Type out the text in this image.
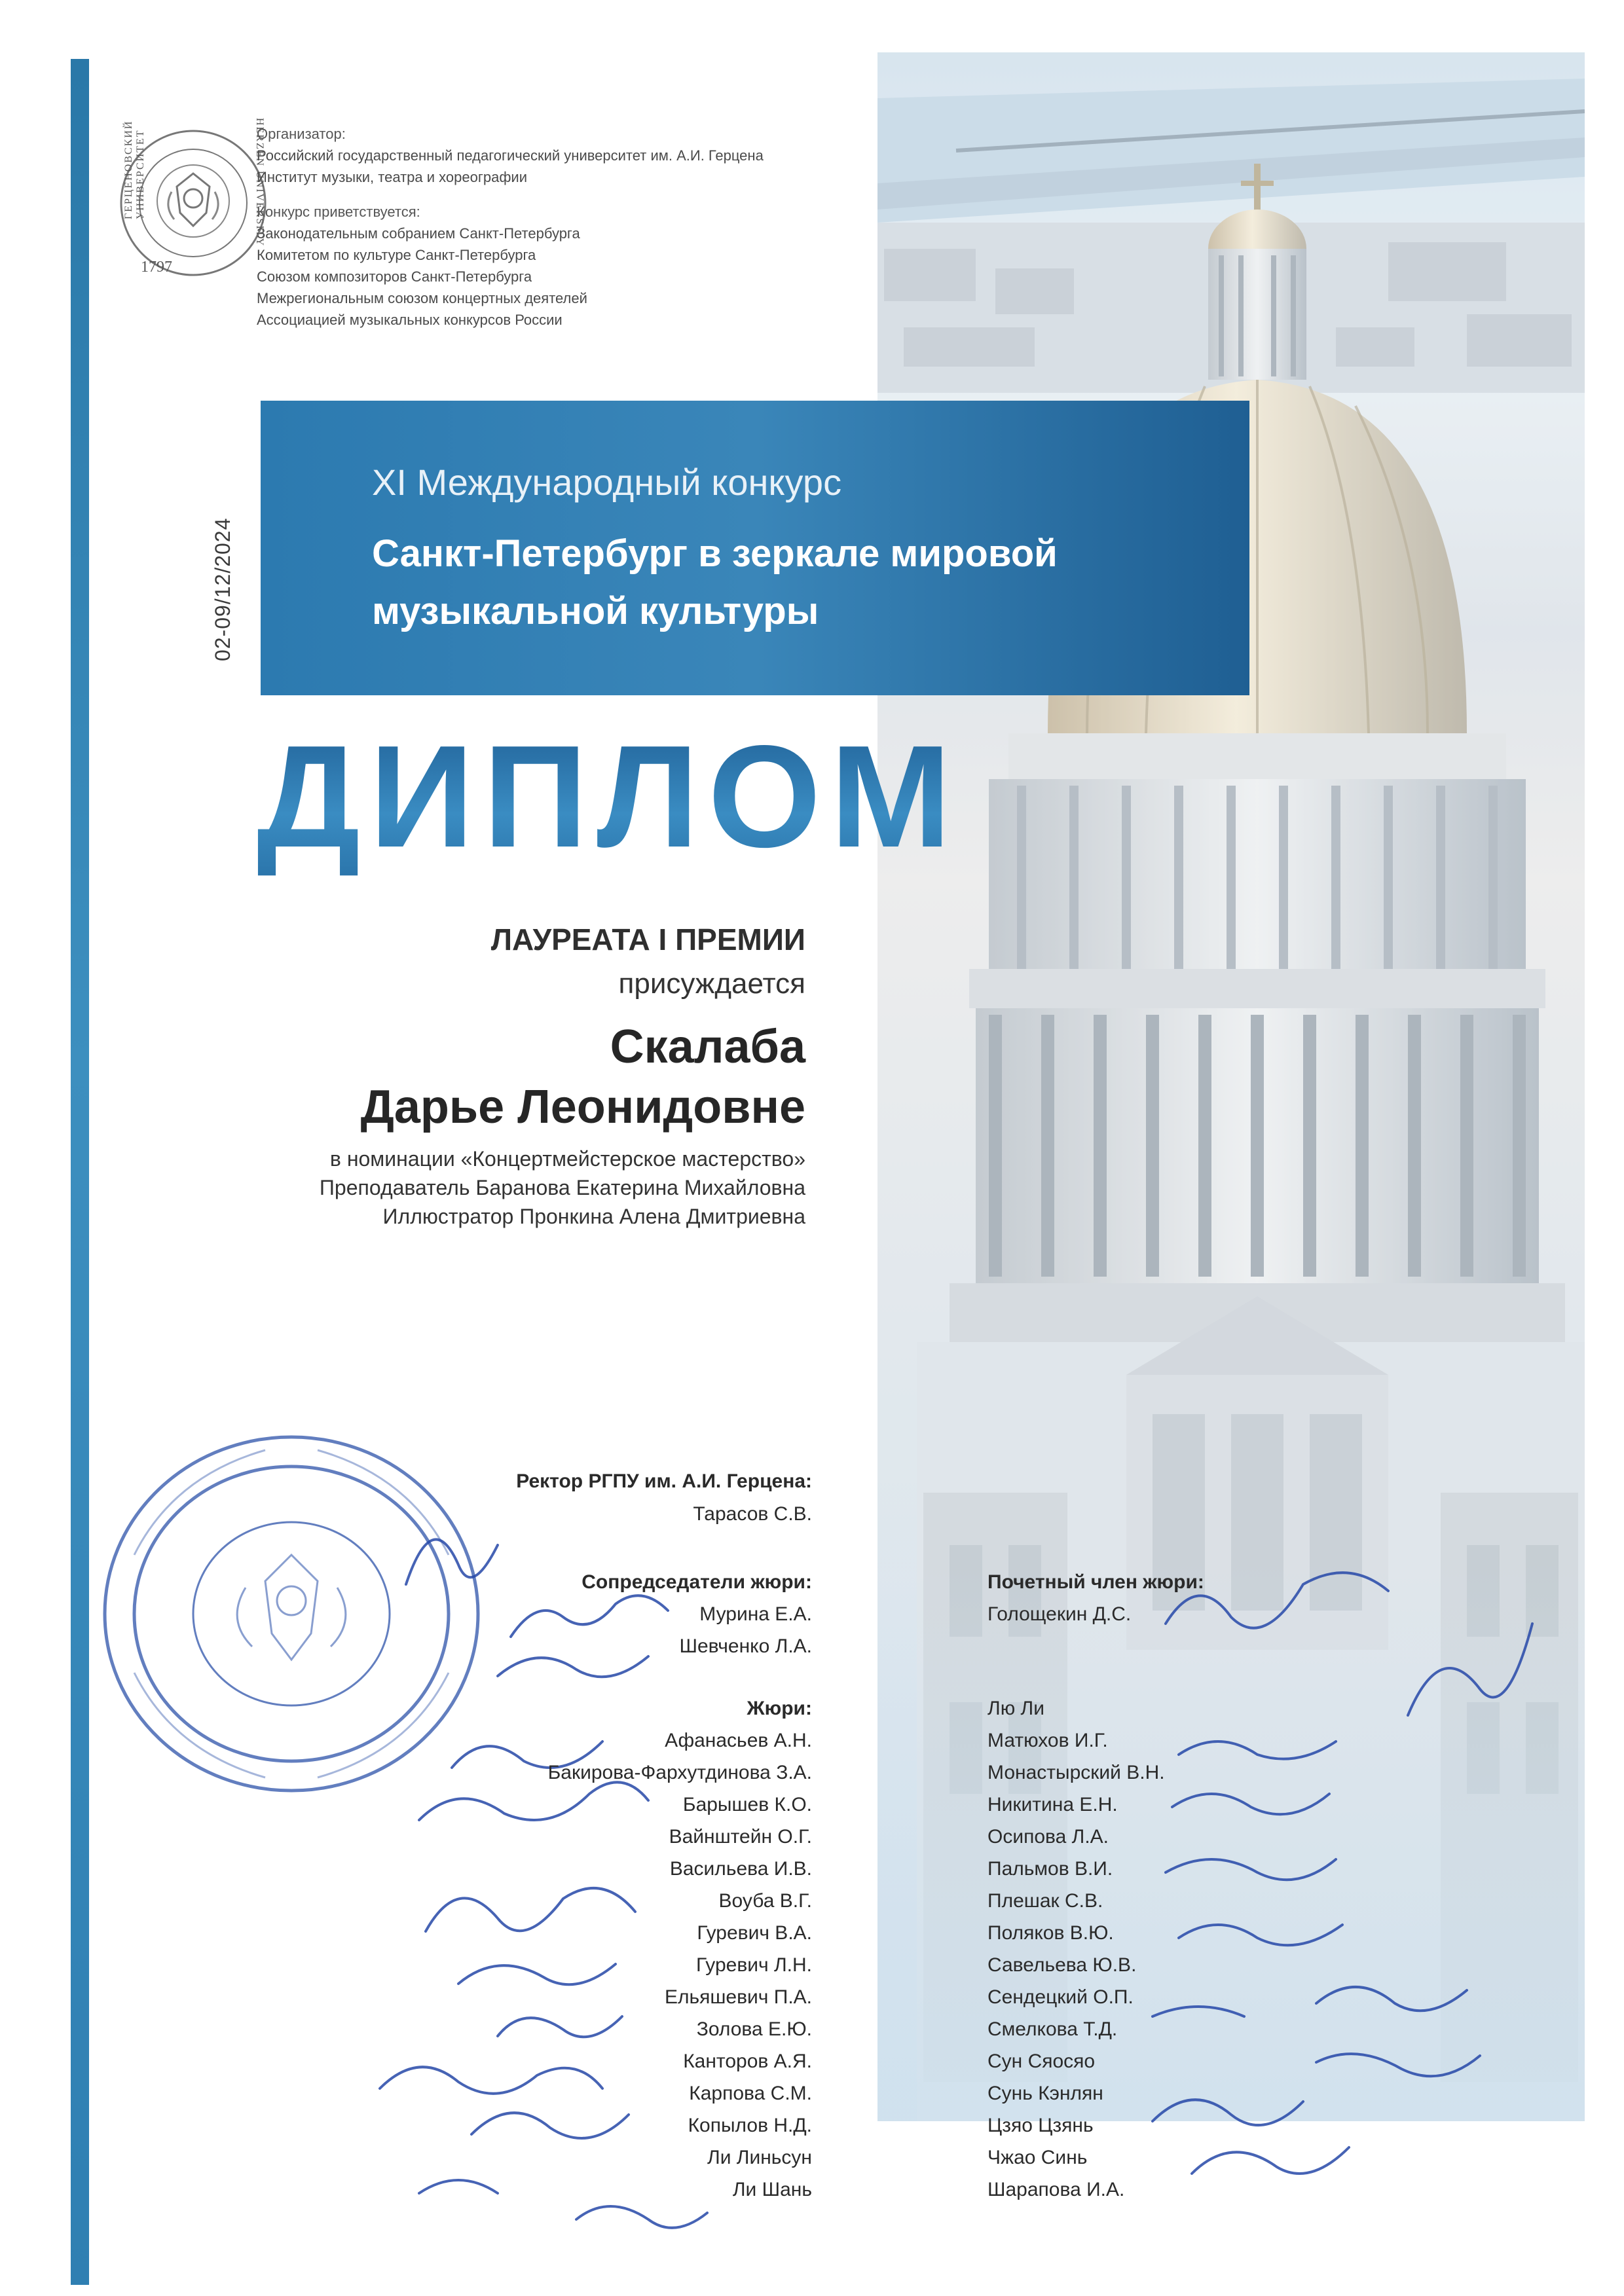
1797
ГЕРЦЕНОВСКИЙ УНИВЕРСИТЕТ	HERZEN UNIVERSITY
Организатор:
Российский государственный педагогический университет им. А.И. Герцена
Институт музыки, театра и хореографии
Конкурс приветствуется:
Законодательным собранием Санкт-Петербурга
Комитетом по культуре Санкт-Петербурга
Союзом композиторов Санкт-Петербурга
Межрегиональным союзом концертных деятелей
Ассоциацией музыкальных конкурсов России
02-09/12/2024
XI Международный конкурс
Санкт-Петербург в зеркале мировой музыкальной культуры
ДИПЛОМ
ЛАУРЕАТА I ПРЕМИИ
присуждается
Скалаба
Дарье Леонидовне
в номинации «Концертмейстерское мастерство»
Преподаватель Баранова Екатерина Михайловна
Иллюстратор Пронкина Алена Дмитриевна
Ректор РГПУ им. А.И. Герцена:
Тарасов С.В.
Сопредседатели жюри:
Мурина Е.А.
Шевченко Л.А.
Почетный член жюри:
Голощекин Д.С.
Жюри:
Афанасьев А.Н.
Бакирова-Фархутдинова З.А.
Барышев К.О.
Вайнштейн О.Г.
Васильева И.В.
Воуба В.Г.
Гуревич В.А.
Гуревич Л.Н.
Ельяшевич П.А.
Золова Е.Ю.
Канторов А.Я.
Карпова С.М.
Копылов Н.Д.
Ли Линьсун
Ли Шань
Лю Ли
Матюхов И.Г.
Монастырский В.Н.
Никитина Е.Н.
Осипова Л.А.
Пальмов В.И.
Плешак С.В.
Поляков В.Ю.
Савельева Ю.В.
Сендецкий О.П.
Смелкова Т.Д.
Сун Сяосяо
Сунь Кэнлян
Цзяо Цзянь
Чжао Синь
Шарапова И.А.
